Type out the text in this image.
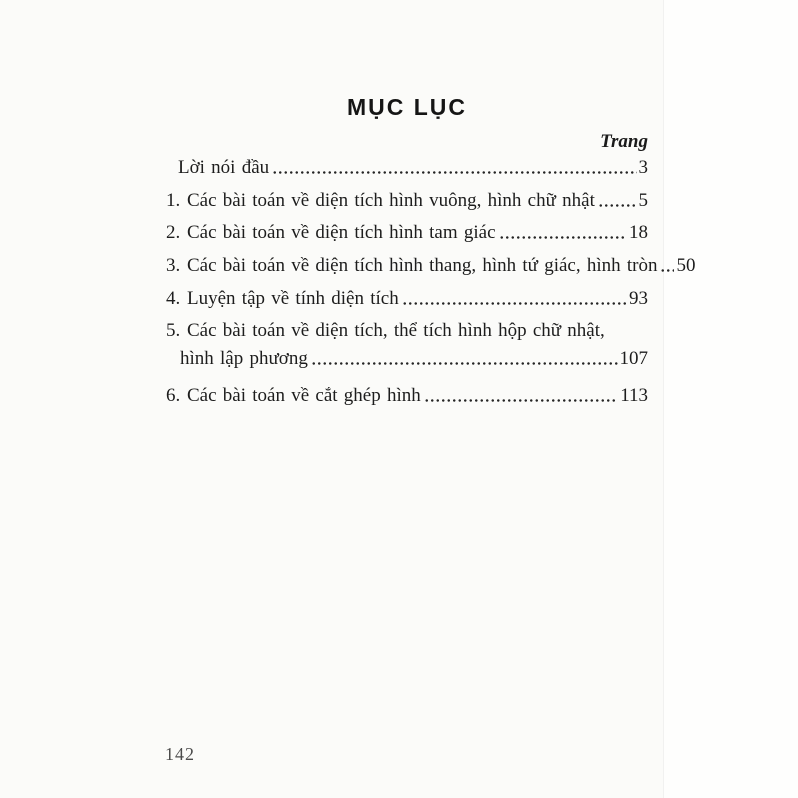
MỤC LỤC
Trang
Lời nói đầu	3
1. Các bài toán về diện tích hình vuông, hình chữ nhật 5
2. Các bài toán về diện tích hình tam giác	18
3. Các bài toán về diện tích hình thang, hình tứ giác, hình tròn 50
4. Luyện tập về tính diện tích	93
5. Các bài toán về diện tích, thể tích hình hộp chữ nhật,
hình lập phương	107
6. Các bài toán về cắt ghép hình	113
142
